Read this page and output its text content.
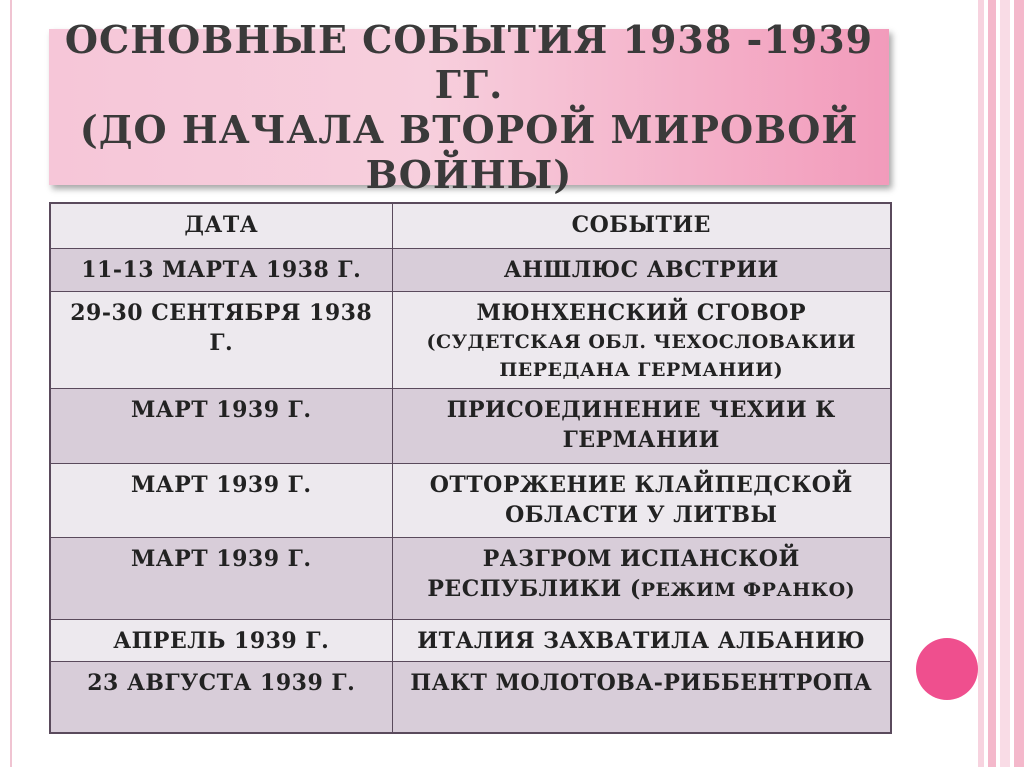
ОСНОВНЫЕ СОБЫТИЯ 1938 -1939 ГГ.
(ДО НАЧАЛА ВТОРОЙ МИРОВОЙ
ВОЙНЫ)
ДАТА	СОБЫТИЕ
11-13 МАРТА 1938 Г.	АНШЛЮС АВСТРИИ
29-30 СЕНТЯБРЯ 1938 Г.	МЮНХЕНСКИЙ СГОВОР
(СУДЕТСКАЯ ОБЛ. ЧЕХОСЛОВАКИИ ПЕРЕДАНА ГЕРМАНИИ)

МАРТ 1939 Г.	ПРИСОЕДИНЕНИЕ ЧЕХИИ К ГЕРМАНИИ
МАРТ 1939 Г.	ОТТОРЖЕНИЕ КЛАЙПЕДСКОЙ ОБЛАСТИ У ЛИТВЫ
МАРТ 1939 Г.	РАЗГРОМ ИСПАНСКОЙ РЕСПУБЛИКИ (РЕЖИМ ФРАНКО)
АПРЕЛЬ 1939 Г.	ИТАЛИЯ ЗАХВАТИЛА АЛБАНИЮ
23 АВГУСТА 1939 Г.	ПАКТ МОЛОТОВА-РИББЕНТРОПА
